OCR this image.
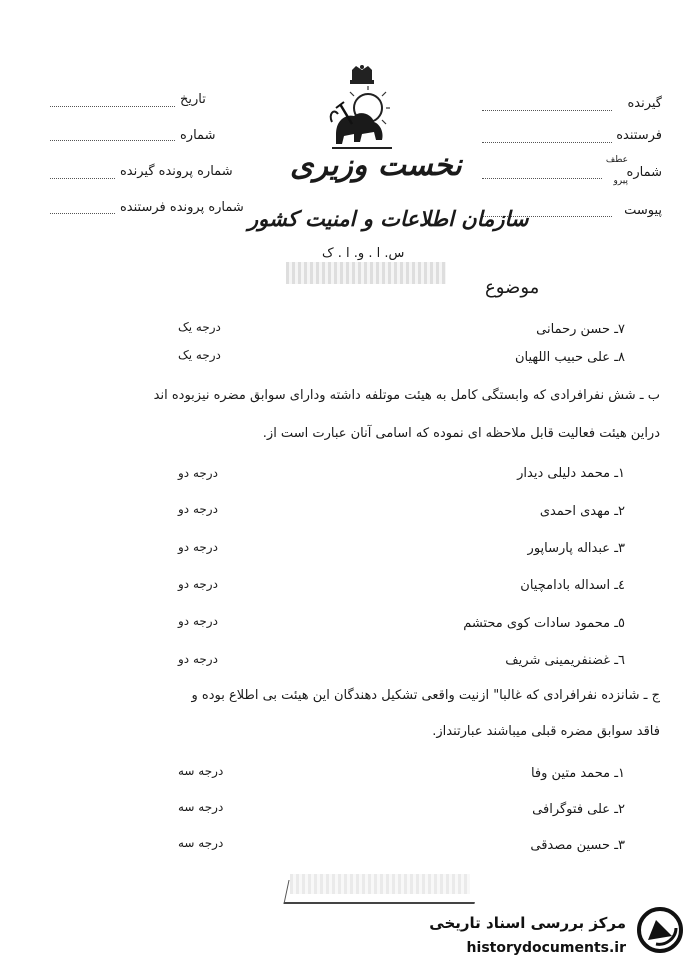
گیرنده
فرستنده
شماره
عطف
پیرو
پیوست
تاریخ
شماره
شماره پرونده گیرنده
شماره پرونده فرستنده
نخست وزیری
سازمان اطلاعات و امنیت کشور
س. ا . و. ا . ک
موضوع
۷ـ حسن رحمانی
درجه یک
۸ـ علی حبیب اللهیان
درجه یک
ب ـ شش نفرافرادی که وابستگی کامل به هیئت موتلفه داشته ودارای سوابق مضره نیزبوده اند
دراین هیئت فعالیت قابل ملاحظه ای نموده که اسامی آنان عبارت است از.
۱ـ محمد دلیلی دیدار
درجه دو
۲ـ مهدی احمدی
درجه دو
۳ـ عبداله پارساپور
درجه دو
٤ـ اسداله بادامچیان
درجه دو
٥ـ محمود سادات کوی محتشم
درجه دو
٦ـ غضنفریمینی شریف
درجه دو
ج ـ شانزده نفرافرادی که غالبا" ازنیت واقعی تشکیل دهندگان این هیئت بی اطلاع بوده و
فاقد سوابق مضره قبلی میباشند عبارتنداز.
۱ـ محمد متین وفا
درجه سه
۲ـ علی فتوگرافی
درجه سه
۳ـ حسین مصدقی
درجه سه
مرکز بررسی اسناد تاریخی
historydocuments.ir
